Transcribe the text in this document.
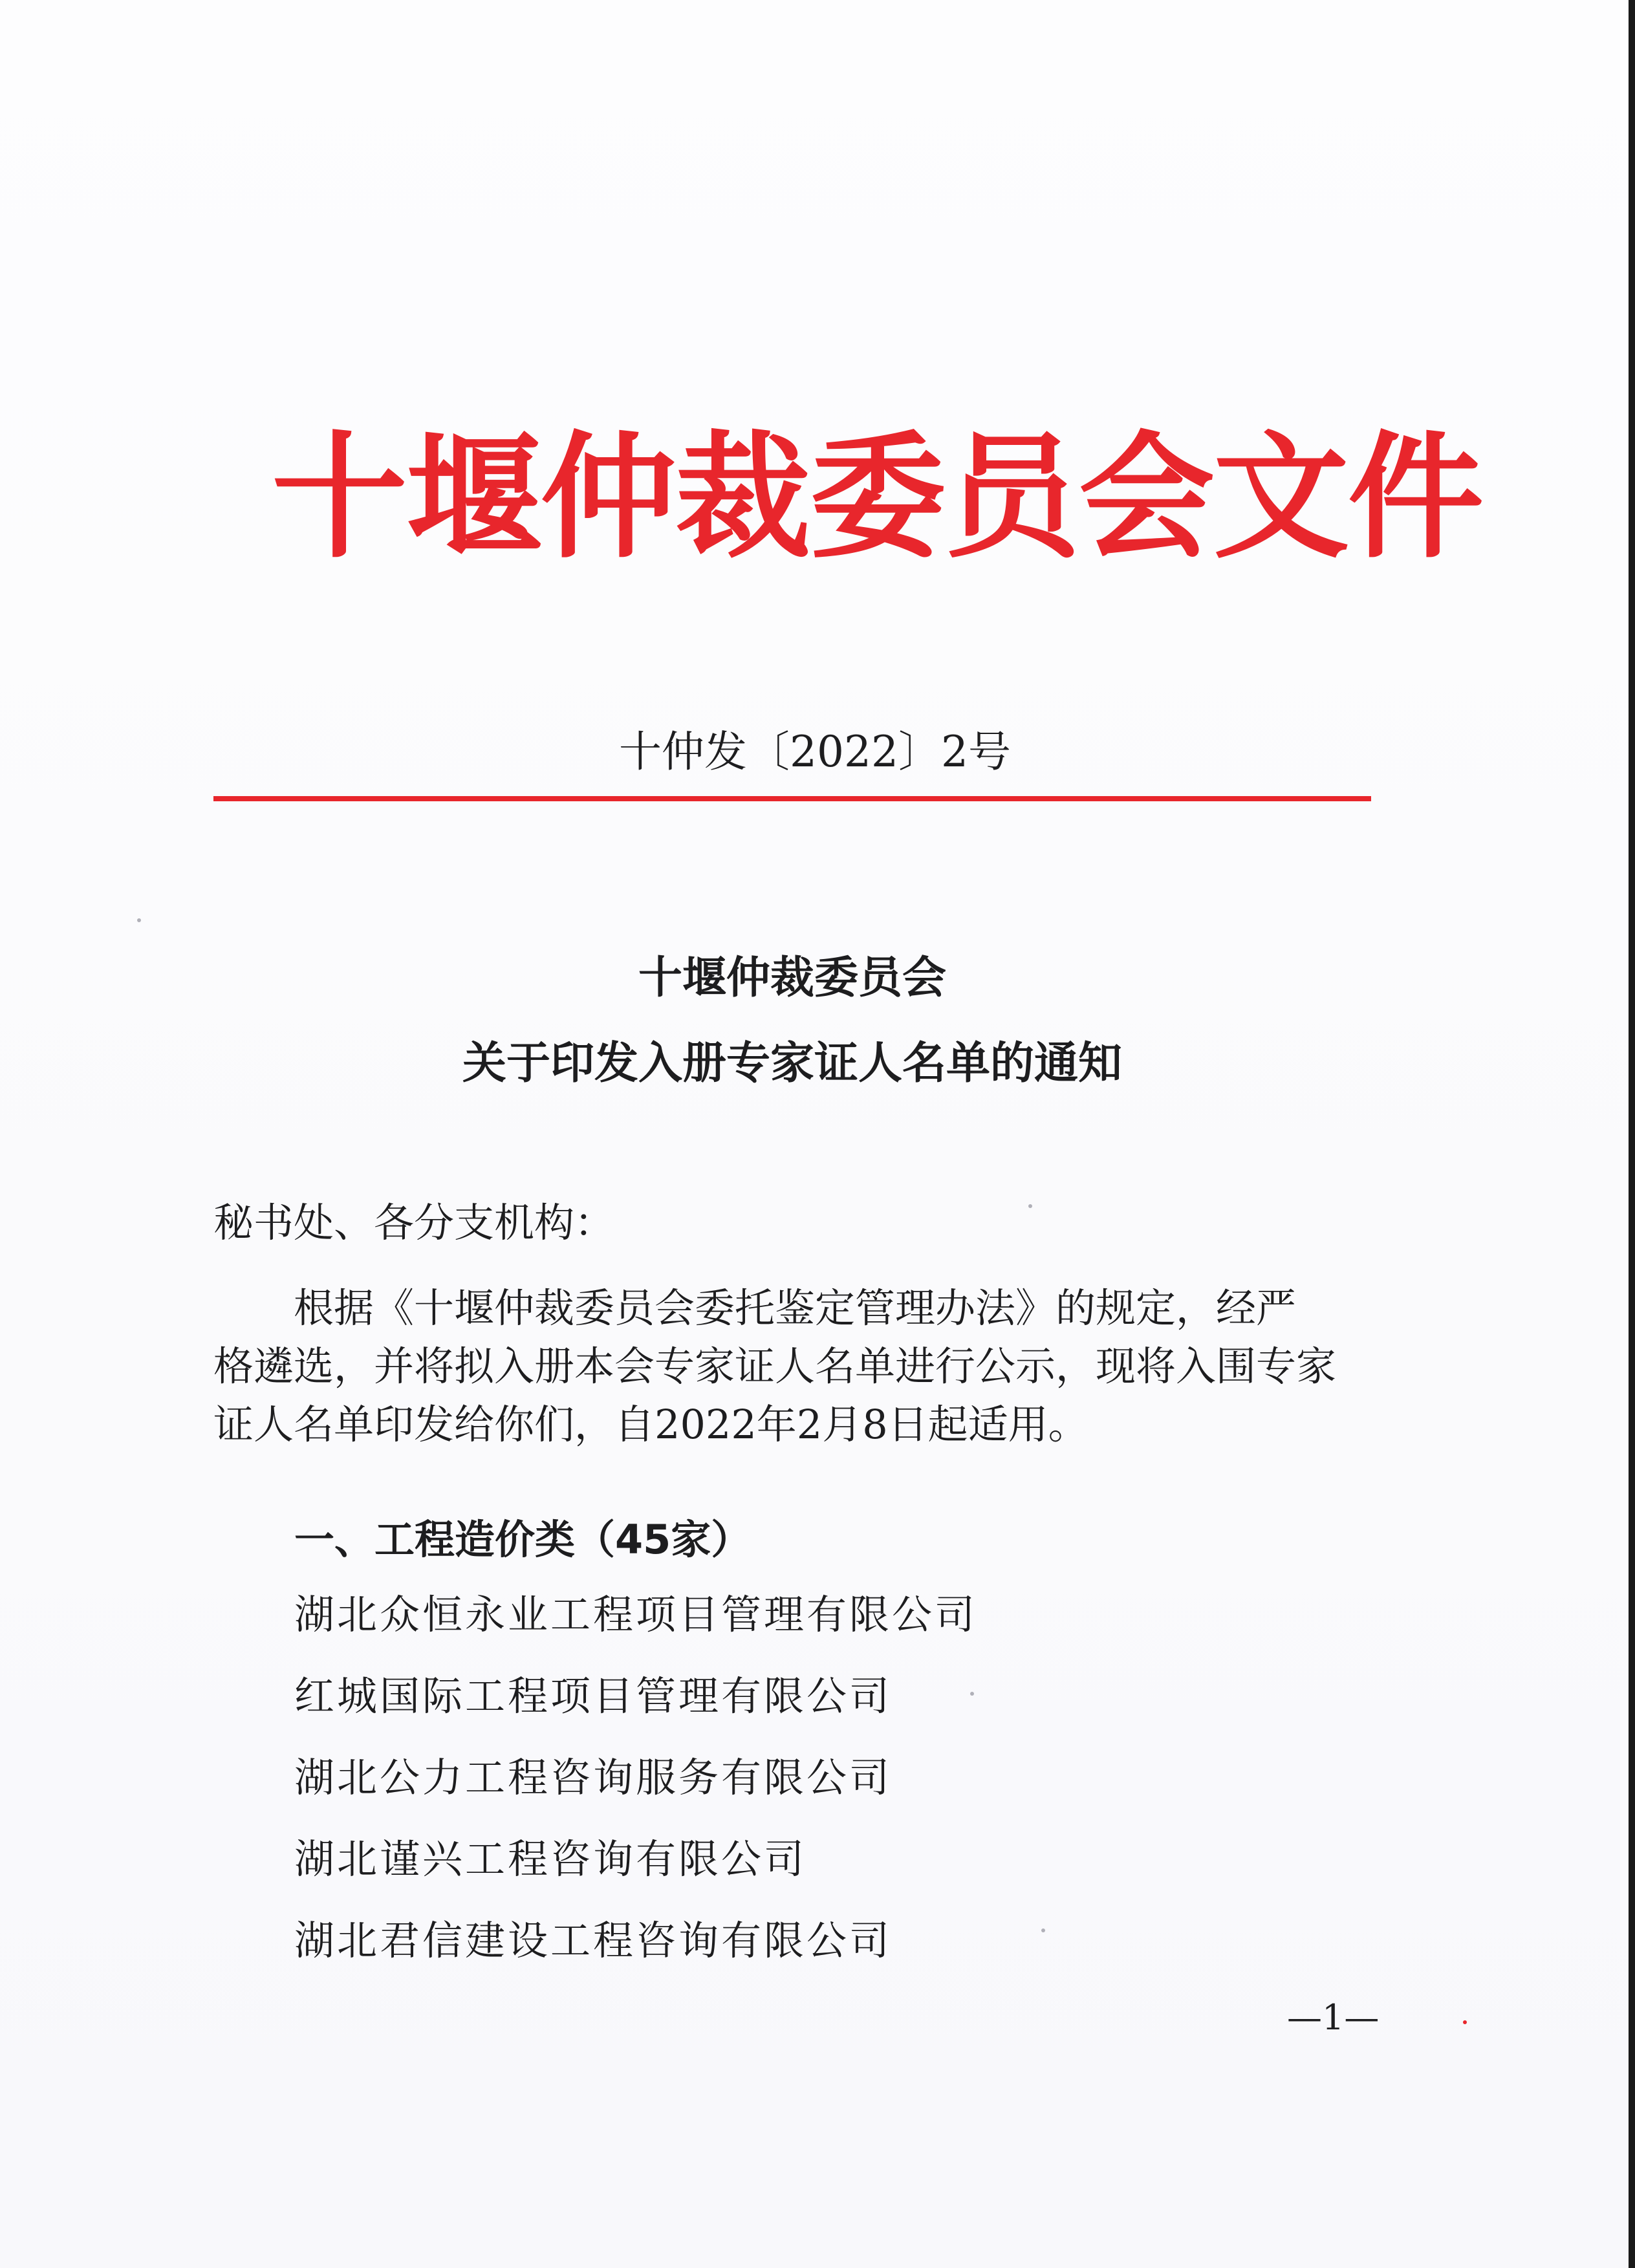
十堰仲裁委员会文件
十仲发〔2022〕2号
十堰仲裁委员会
关于印发入册专家证人名单的通知
秘书处、各分支机构：
　　根据《十堰仲裁委员会委托鉴定管理办法》的规定，经严
格遴选，并将拟入册本会专家证人名单进行公示，现将入围专家
证人名单印发给你们，自2022年2月8日起适用。
一、工程造价类（45家）
湖北众恒永业工程项目管理有限公司
红城国际工程项目管理有限公司
湖北公力工程咨询服务有限公司
湖北谨兴工程咨询有限公司
湖北君信建设工程咨询有限公司
—1—
